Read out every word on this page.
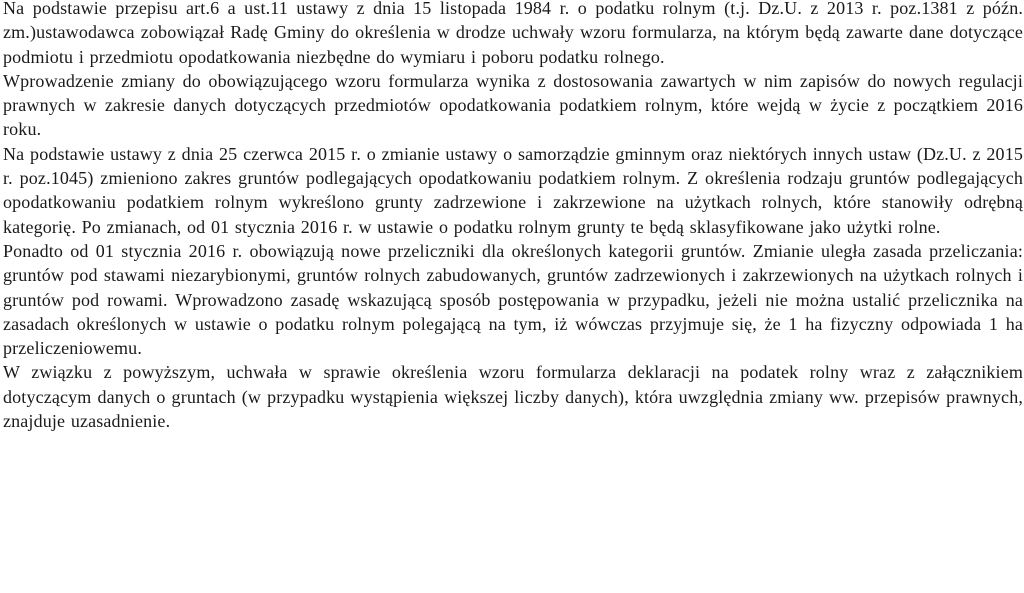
Na podstawie przepisu art.6 a ust.11 ustawy z dnia 15 listopada 1984 r. o podatku rolnym (t.j. Dz.U. z 2013 r. poz.1381 z późn. zm.)ustawodawca zobowiązał Radę Gminy do określenia w drodze uchwały wzoru formularza, na którym będą zawarte dane dotyczące podmiotu i przedmiotu opodatkowania niezbędne do wymiaru i poboru podatku rolnego.

Wprowadzenie zmiany do obowiązującego wzoru formularza wynika z dostosowania zawartych w nim zapisów do nowych regulacji prawnych w zakresie danych dotyczących przedmiotów opodatkowania podatkiem rolnym, które wejdą w życie z początkiem 2016 roku.

Na podstawie ustawy z dnia 25 czerwca 2015 r. o zmianie ustawy o samorządzie gminnym oraz niektórych innych ustaw (Dz.U. z 2015 r. poz.1045) zmieniono zakres gruntów podlegających opodatkowaniu podatkiem rolnym. Z określenia rodzaju gruntów podlegających opodatkowaniu podatkiem rolnym wykreślono grunty zadrzewione i zakrzewione na użytkach rolnych, które stanowiły odrębną kategorię. Po zmianach, od 01 stycznia 2016 r. w ustawie o podatku rolnym grunty te będą sklasyfikowane jako użytki rolne.

Ponadto od 01 stycznia 2016 r. obowiązują nowe przeliczniki dla określonych kategorii gruntów. Zmianie uległa zasada przeliczania: gruntów pod stawami niezarybionymi, gruntów rolnych zabudowanych, gruntów zadrzewionych i zakrzewionych na użytkach rolnych i gruntów pod rowami. Wprowadzono zasadę wskazującą sposób postępowania w przypadku, jeżeli nie można ustalić przelicznika na zasadach określonych w ustawie o podatku rolnym polegającą na tym, iż wówczas przyjmuje się, że 1 ha fizyczny odpowiada 1 ha przeliczeniowemu.

W związku z powyższym, uchwała w sprawie określenia wzoru formularza deklaracji na podatek rolny wraz z załącznikiem dotyczącym danych o gruntach (w przypadku wystąpienia większej liczby danych), która uwzględnia zmiany ww. przepisów prawnych, znajduje uzasadnienie.
